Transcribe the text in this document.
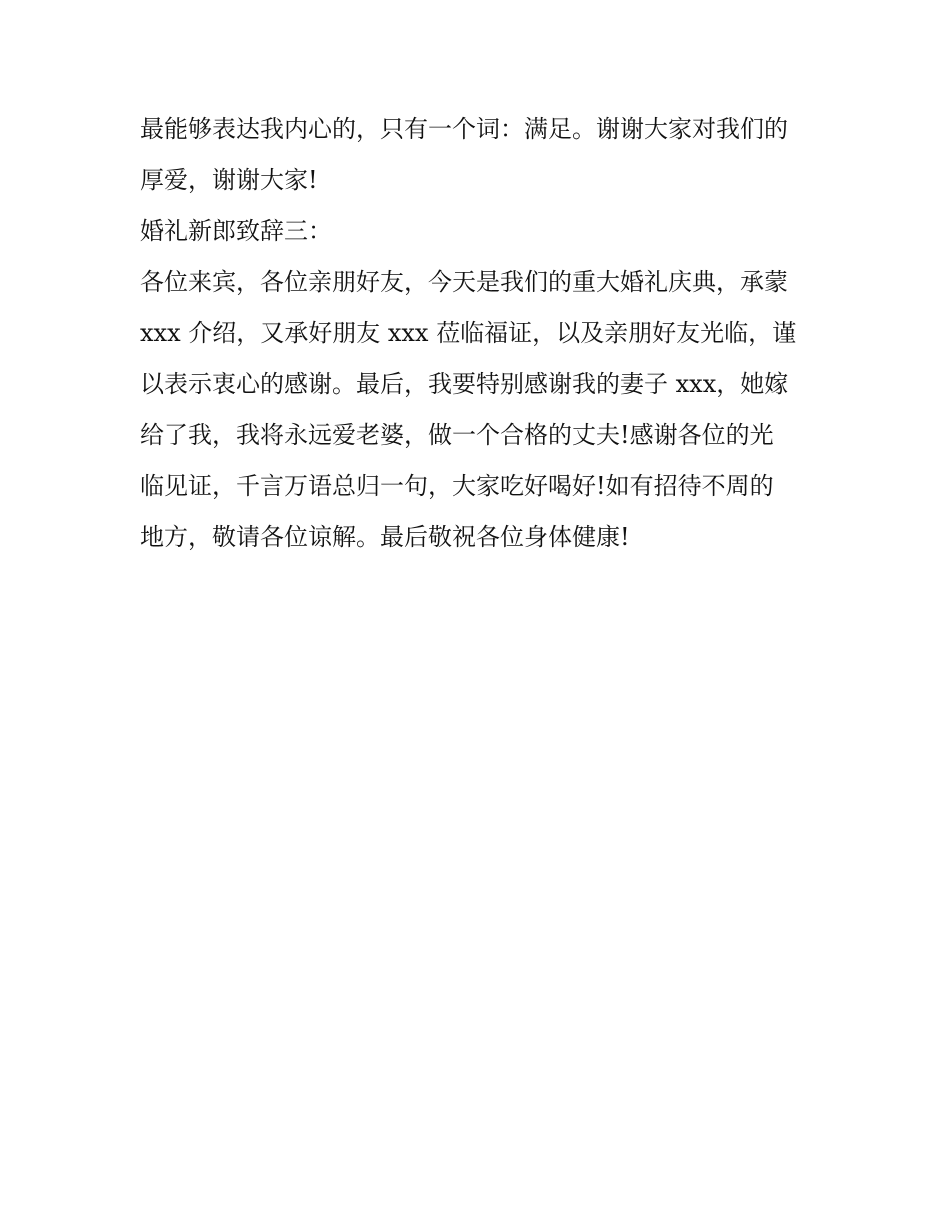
最能够表达我内心的，只有一个词：满足。谢谢大家对我们的
厚爱，谢谢大家!
婚礼新郎致辞三：
各位来宾，各位亲朋好友，今天是我们的重大婚礼庆典，承蒙
xxx 介绍，又承好朋友 xxx 莅临福证，以及亲朋好友光临，谨
以表示衷心的感谢。最后，我要特别感谢我的妻子 xxx，她嫁
给了我，我将永远爱老婆，做一个合格的丈夫!感谢各位的光
临见证，千言万语总归一句，大家吃好喝好!如有招待不周的
地方，敬请各位谅解。最后敬祝各位身体健康!
